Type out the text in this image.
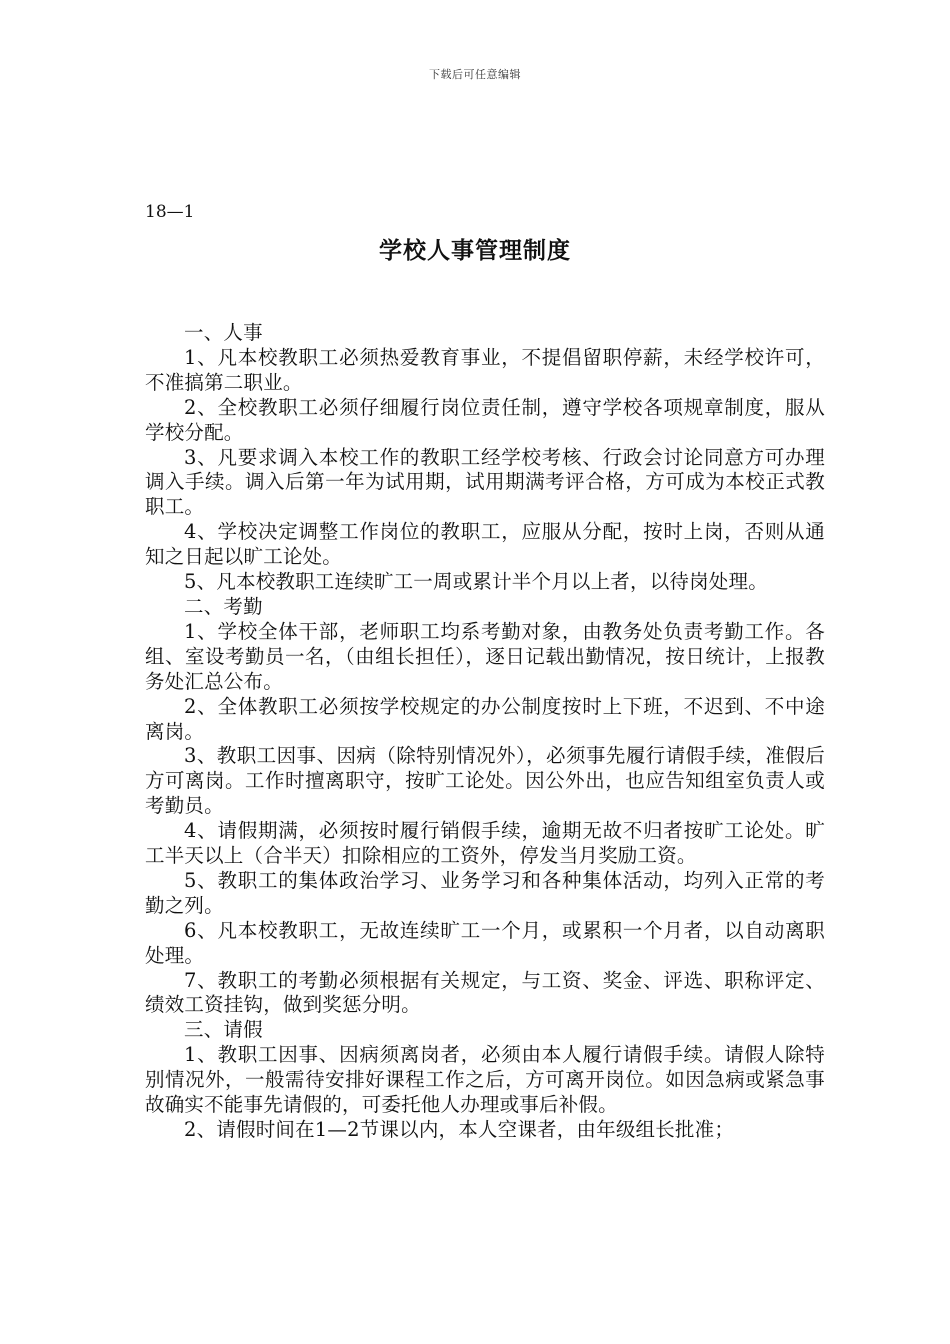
下载后可任意编辑
18—1
学校人事管理制度

一、人事

1、凡本校教职工必须热爱教育事业，不提倡留职停薪，未经学校许可，不准搞第二职业。

2、全校教职工必须仔细履行岗位责任制，遵守学校各项规章制度，服从学校分配。

3、凡要求调入本校工作的教职工经学校考核、行政会讨论同意方可办理调入手续。调入后第一年为试用期，试用期满考评合格，方可成为本校正式教职工。

4、学校决定调整工作岗位的教职工，应服从分配，按时上岗，否则从通知之日起以旷工论处。

5、凡本校教职工连续旷工一周或累计半个月以上者，以待岗处理。

二、考勤

1、学校全体干部，老师职工均系考勤对象，由教务处负责考勤工作。各组、室设考勤员一名，（由组长担任），逐日记载出勤情况，按日统计，上报教务处汇总公布。

2、全体教职工必须按学校规定的办公制度按时上下班，不迟到、不中途离岗。

3、教职工因事、因病（除特别情况外），必须事先履行请假手续，准假后方可离岗。工作时擅离职守，按旷工论处。因公外出，也应告知组室负责人或考勤员。

4、请假期满，必须按时履行销假手续，逾期无故不归者按旷工论处。旷工半天以上（合半天）扣除相应的工资外，停发当月奖励工资。

5、教职工的集体政治学习、业务学习和各种集体活动，均列入正常的考勤之列。

6、凡本校教职工，无故连续旷工一个月，或累积一个月者，以自动离职处理。

7、教职工的考勤必须根据有关规定，与工资、奖金、评选、职称评定、绩效工资挂钩，做到奖惩分明。

三、请假

1、教职工因事、因病须离岗者，必须由本人履行请假手续。请假人除特别情况外，一般需待安排好课程工作之后，方可离开岗位。如因急病或紧急事故确实不能事先请假的，可委托他人办理或事后补假。

2、请假时间在1—2节课以内，本人空课者，由年级组长批准；
